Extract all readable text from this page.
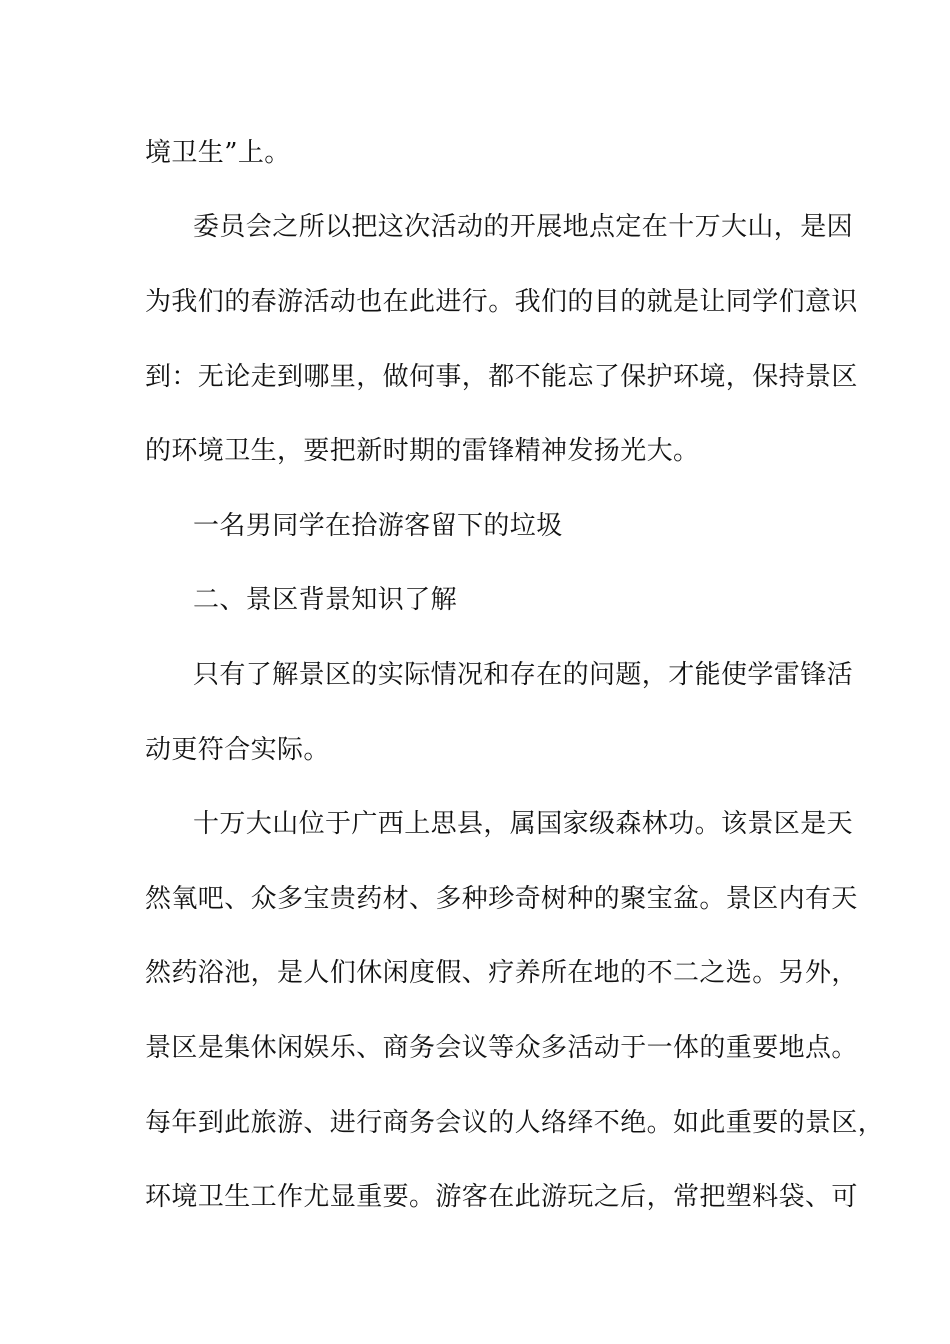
境卫生”上。
委员会之所以把这次活动的开展地点定在十万大山，是因
为我们的春游活动也在此进行。我们的目的就是让同学们意识
到：无论走到哪里，做何事，都不能忘了保护环境，保持景区
的环境卫生，要把新时期的雷锋精神发扬光大。
一名男同学在拾游客留下的垃圾
二、景区背景知识了解
只有了解景区的实际情况和存在的问题，才能使学雷锋活
动更符合实际。
十万大山位于广西上思县，属国家级森林功。该景区是天
然氧吧、众多宝贵药材、多种珍奇树种的聚宝盆。景区内有天
然药浴池，是人们休闲度假、疗养所在地的不二之选。另外，
景区是集休闲娱乐、商务会议等众多活动于一体的重要地点。
每年到此旅游、进行商务会议的人络绎不绝。如此重要的景区，
环境卫生工作尤显重要。游客在此游玩之后，常把塑料袋、可
